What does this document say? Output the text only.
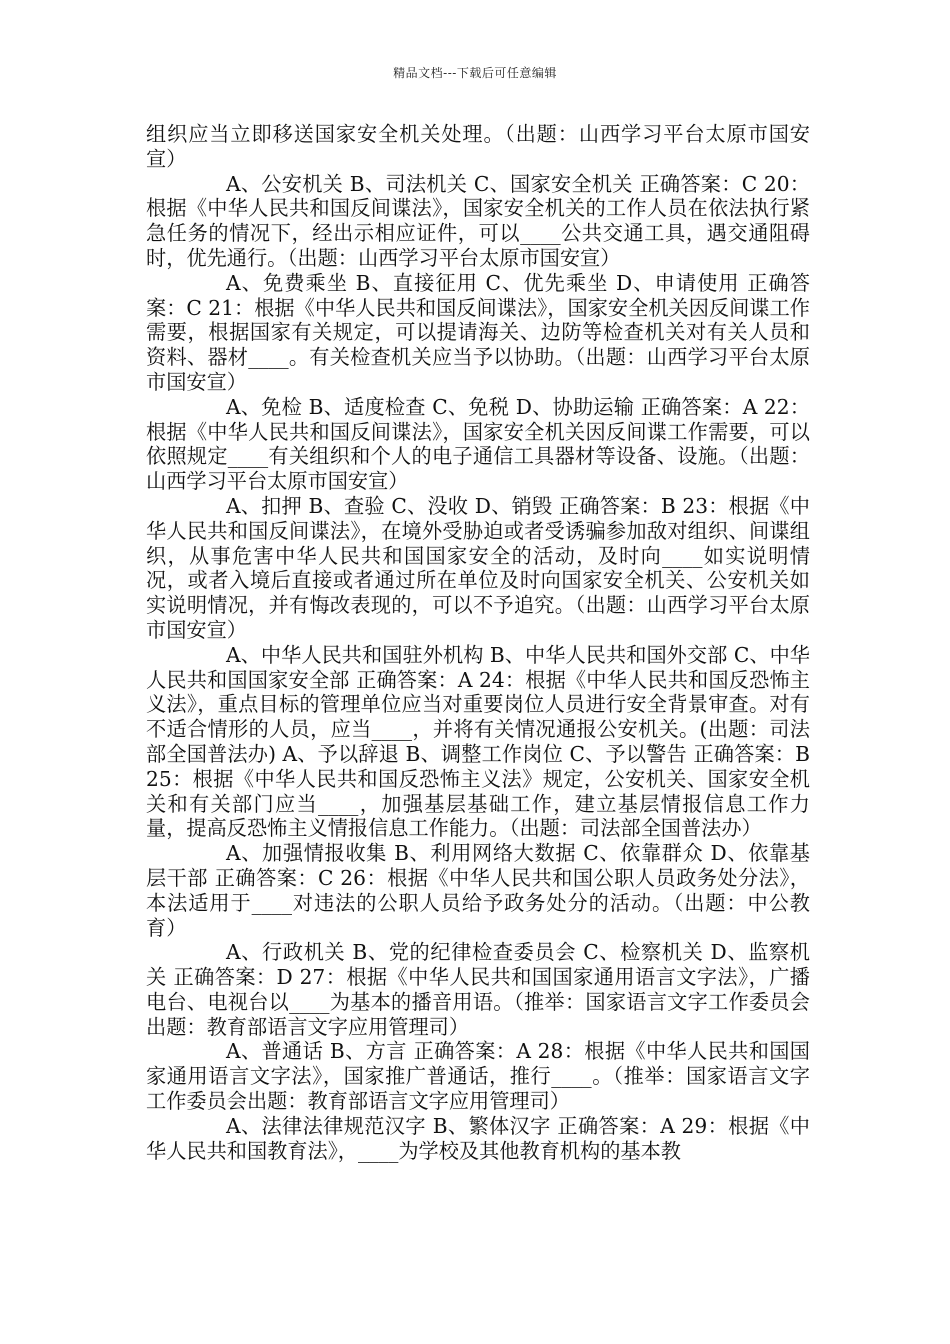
精品文档---下载后可任意编辑

组织应当立即移送国家安全机关处理。（出题：山西学习平台太原市国安宣）

A、公安机关 B、司法机关 C、国家安全机关 正确答案：C 20：根据《中华人民共和国反间谍法》，国家安全机关的工作人员在依法执行紧急任务的情况下，经出示相应证件，可以____公共交通工具，遇交通阻碍时，优先通行。（出题：山西学习平台太原市国安宣）

A、免费乘坐 B、直接征用 C、优先乘坐 D、申请使用 正确答案：C 21：根据《中华人民共和国反间谍法》，国家安全机关因反间谍工作需要，根据国家有关规定，可以提请海关、边防等检查机关对有关人员和资料、器材____。有关检查机关应当予以协助。（出题：山西学习平台太原市国安宣）

A、免检 B、适度检查 C、免税 D、协助运输 正确答案：A 22：根据《中华人民共和国反间谍法》，国家安全机关因反间谍工作需要，可以依照规定____有关组织和个人的电子通信工具器材等设备、设施。（出题：山西学习平台太原市国安宣）

A、扣押 B、查验 C、没收 D、销毁 正确答案：B 23：根据《中华人民共和国反间谍法》，在境外受胁迫或者受诱骗参加敌对组织、间谍组织，从事危害中华人民共和国国家安全的活动，及时向____如实说明情况，或者入境后直接或者通过所在单位及时向国家安全机关、公安机关如实说明情况，并有悔改表现的，可以不予追究。（出题：山西学习平台太原市国安宣）

A、中华人民共和国驻外机构 B、中华人民共和国外交部 C、中华人民共和国国家安全部 正确答案：A 24：根据《中华人民共和国反恐怖主义法》，重点目标的管理单位应当对重要岗位人员进行安全背景审查。对有不适合情形的人员，应当____，并将有关情况通报公安机关。(出题：司法部全国普法办) A、予以辞退 B、调整工作岗位 C、予以警告 正确答案：B 25：根据《中华人民共和国反恐怖主义法》规定，公安机关、国家安全机关和有关部门应当____，加强基层基础工作，建立基层情报信息工作力量，提高反恐怖主义情报信息工作能力。（出题：司法部全国普法办）

A、加强情报收集 B、利用网络大数据 C、依靠群众 D、依靠基层干部 正确答案：C 26：根据《中华人民共和国公职人员政务处分法》，本法适用于____对违法的公职人员给予政务处分的活动。（出题：中公教育）

A、行政机关 B、党的纪律检查委员会 C、检察机关 D、监察机关 正确答案：D 27：根据《中华人民共和国国家通用语言文字法》，广播电台、电视台以____为基本的播音用语。（推举：国家语言文字工作委员会出题：教育部语言文字应用管理司）

A、普通话 B、方言 正确答案：A 28：根据《中华人民共和国国家通用语言文字法》，国家推广普通话，推行____。（推举：国家语言文字工作委员会出题：教育部语言文字应用管理司）

A、法律法律规范汉字 B、繁体汉字 正确答案：A 29：根据《中华人民共和国教育法》，____为学校及其他教育机构的基本教
